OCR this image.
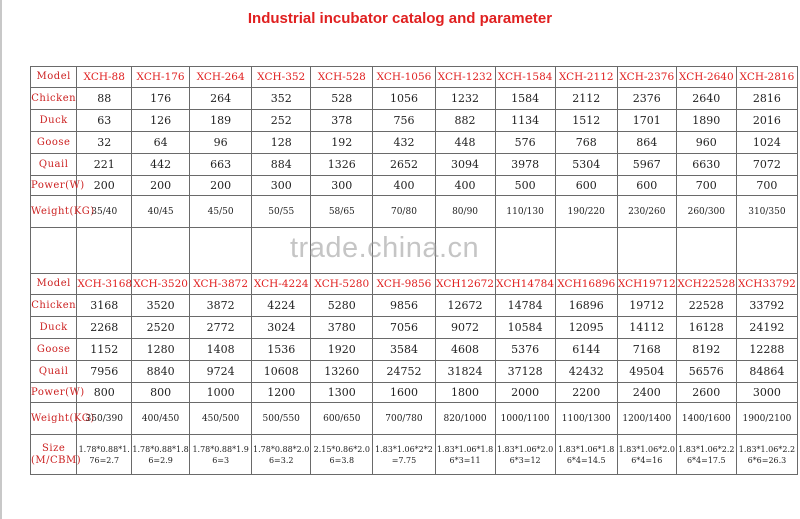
Industrial incubator catalog and parameter
Model	XCH-88	XCH-176	XCH-264	XCH-352	XCH-528	XCH-1056	XCH-1232	XCH-1584	XCH-2112	XCH-2376	XCH-2640	XCH-2816
Chicken	88	176	264	352	528	1056	1232	1584	2112	2376	2640	2816
Duck	63	126	189	252	378	756	882	1134	1512	1701	1890	2016
Goose	32	64	96	128	192	432	448	576	768	864	960	1024
Quail	221	442	663	884	1326	2652	3094	3978	5304	5967	6630	7072
Power(W)	200	200	200	300	300	400	400	500	600	600	700	700
Weight(KG)	35/40	40/45	45/50	50/55	58/65	70/80	80/90	110/130	190/220	230/260	260/300	310/350

Model	XCH-3168	XCH-3520	XCH-3872	XCH-4224	XCH-5280	XCH-9856	XCH12672	XCH14784	XCH16896	XCH19712	XCH22528	XCH33792
Chicken	3168	3520	3872	4224	5280	9856	12672	14784	16896	19712	22528	33792
Duck	2268	2520	2772	3024	3780	7056	9072	10584	12095	14112	16128	24192
Goose	1152	1280	1408	1536	1920	3584	4608	5376	6144	7168	8192	12288
Quail	7956	8840	9724	10608	13260	24752	31824	37128	42432	49504	56576	84864
Power(W)	800	800	1000	1200	1300	1600	1800	2000	2200	2400	2600	3000
Weight(KG)	350/390	400/450	450/500	500/550	600/650	700/780	820/1000	1000/1100	1100/1300	1200/1400	1400/1600	1900/2100
Size (M/CBM)	1.78*0.88*1.76=2.7	1.78*0.88*1.86=2.9	1.78*0.88*1.96=3	1.78*0.88*2.06=3.2	2.15*0.86*2.06=3.8	1.83*1.06*2*2=7.75	1.83*1.06*1.86*3=11	1.83*1.06*2.06*3=12	1.83*1.06*1.86*4=14.5	1.83*1.06*2.06*4=16	1.83*1.06*2.26*4=17.5	1.83*1.06*2.26*6=26.3
trade.china.cn
